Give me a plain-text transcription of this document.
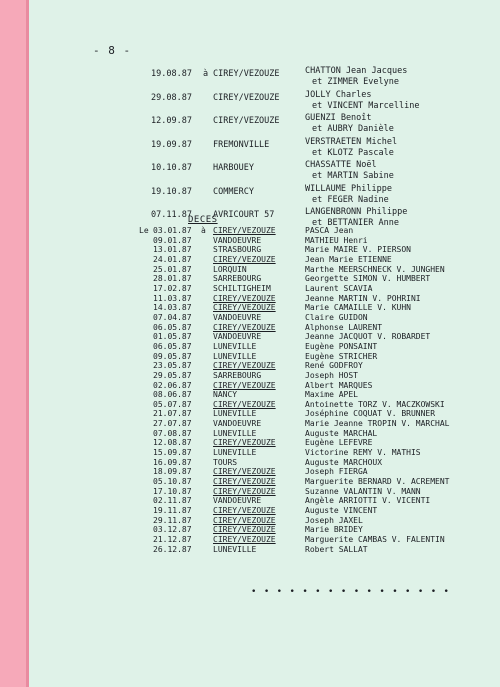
- 8 -
19.08.87 à CIREY/VEZOUZE	CHATTON Jean Jacques
et ZIMMER Evelyne
29.08.87 CIREY/VEZOUZE	JOLLY Charles
et VINCENT Marcelline
12.09.87 CIREY/VEZOUZE	GUENZI Benoît
et AUBRY Danièle
19.09.87 FREMONVILLE	VERSTRAETEN Michel
et KLOTZ Pascale
10.10.87 HARBOUEY	CHASSATTE Noël
et MARTIN Sabine
19.10.87 COMMERCY	WILLAUME Philippe
et FEGER Nadine
07.11.87 AVRICOURT 57	LANGENBRONN Philippe
et BETTANIER Anne
DECES
Le 03.01.87 à CIREY/VEZOUZE	PASCA Jean
09.01.87	VANDOEUVRE	MATHIEU Henri
13.01.87	STRASBOURG	Marie MAIRE V. PIERSON
24.01.87	CIREY/VEZOUZE	Jean Marie ETIENNE
25.01.87	LORQUIN	Marthe MEERSCHNECK V. JUNGHEN
28.01.87	SARREBOURG	Georgette SIMON V. HUMBERT
17.02.87	SCHILTIGHEIM	Laurent SCAVIA
11.03.87	CIREY/VEZOUZE	Jeanne MARTIN V. POHRINI
14.03.87	CIREY/VEZOUZE	Marie CAMAILLE V. KUHN
07.04.87	VANDOEUVRE	Claire GUIDON
06.05.87	CIREY/VEZOUZE	Alphonse LAURENT
01.05.87	VANDOEUVRE	Jeanne JACQUOT V. ROBARDET
06.05.87	LUNEVILLE	Eugène PONSAINT
09.05.87	LUNEVILLE	Eugène STRICHER
23.05.87	CIREY/VEZOUZE	René GODFROY
29.05.87	SARREBOURG	Joseph HOST
02.06.87	CIREY/VEZOUZE	Albert MARQUES
08.06.87	NANCY	Maxime APEL
05.07.87	CIREY/VEZOUZE	Antoinette TORZ V. MACZKOWSKI
21.07.87	LUNEVILLE	Joséphine COQUAT V. BRUNNER
27.07.87	VANDOEUVRE	Marie Jeanne TROPIN V. MARCHAL
07.08.87	LUNEVILLE	Auguste MARCHAL
12.08.87	CIREY/VEZOUZE	Eugène LEFEVRE
15.09.87	LUNEVILLE	Victorine REMY V. MATHIS
16.09.87	TOURS	Auguste MARCHOUX
18.09.87	CIREY/VEZOUZE	Joseph FIERGA
05.10.87	CIREY/VEZOUZE	Marguerite BERNARD V. ACREMENT
17.10.87	CIREY/VEZOUZE	Suzanne VALANTIN V. MANN
02.11.87	VANDOEUVRE	Angèle ARRIOTTI V. VICENTI
19.11.87	CIREY/VEZOUZE	Auguste VINCENT
29.11.87	CIREY/VEZOUZE	Joseph JAXEL
03.12.87	CIREY/VEZOUZE	Marie BRIDEY
21.12.87	CIREY/VEZOUZE	Marguerite CAMBAS V. FALENTIN
26.12.87	LUNEVILLE	Robert SALLAT
• • • • • • • • • • • • • • • •
